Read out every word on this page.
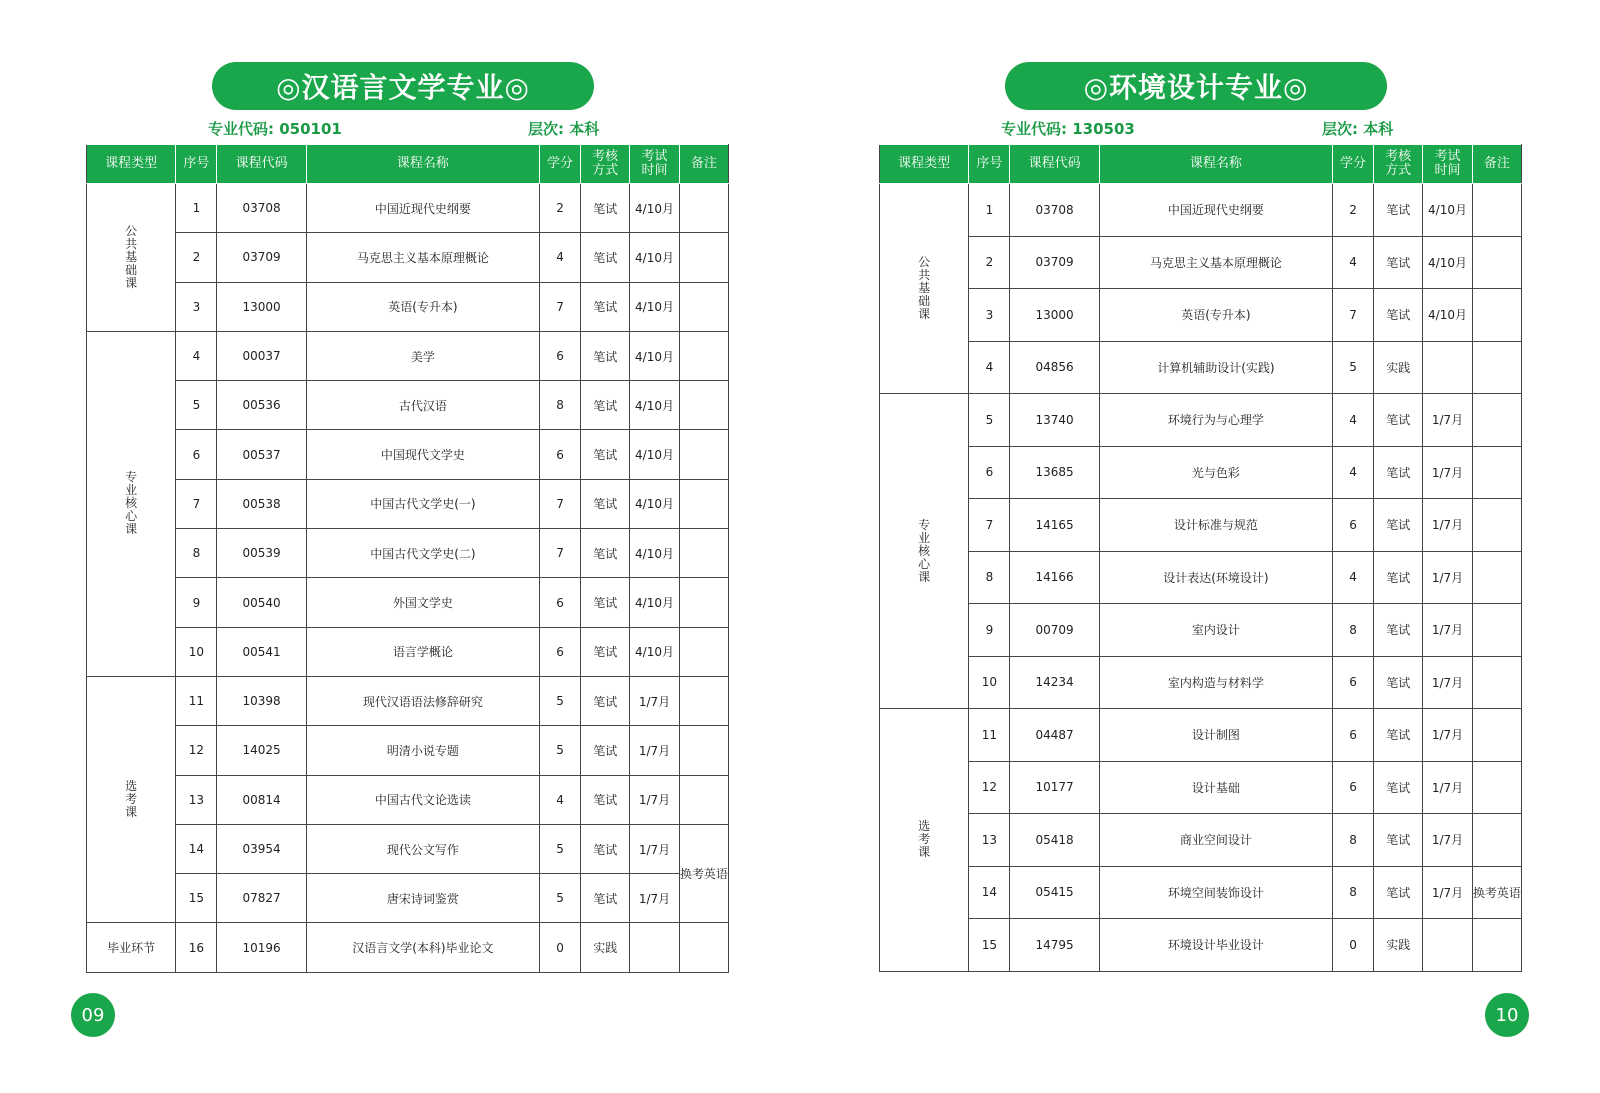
◎汉语言文学专业◎
专业代码: 050101	层次: 本科
课程类型	序号	课程代码	课程名称	学分	考核方式	考试时间	备注
公共基础课	1	03708	中国近现代史纲要	2	笔试	4/10月	
	2	03709	马克思主义基本原理概论	4	笔试	4/10月	
	3	13000	英语(专升本)	7	笔试	4/10月	
专业核心课	4	00037	美学	6	笔试	4/10月	
	5	00536	古代汉语	8	笔试	4/10月	
	6	00537	中国现代文学史	6	笔试	4/10月	
	7	00538	中国古代文学史(一)	7	笔试	4/10月	
	8	00539	中国古代文学史(二)	7	笔试	4/10月	
	9	00540	外国文学史	6	笔试	4/10月	
	10	00541	语言学概论	6	笔试	4/10月	
选考课	11	10398	现代汉语语法修辞研究	5	笔试	1/7月	
	12	14025	明清小说专题	5	笔试	1/7月	
	13	00814	中国古代文论选读	4	笔试	1/7月	
	14	03954	现代公文写作	5	笔试	1/7月	换考英语
	15	07827	唐宋诗词鉴赏	5	笔试	1/7月	
毕业环节	16	10196	汉语言文学(本科)毕业论文	0	实践		
09
◎环境设计专业◎
专业代码: 130503	层次: 本科
课程类型	序号	课程代码	课程名称	学分	考核方式	考试时间	备注
公共基础课	1	03708	中国近现代史纲要	2	笔试	4/10月	
	2	03709	马克思主义基本原理概论	4	笔试	4/10月	
	3	13000	英语(专升本)	7	笔试	4/10月	
	4	04856	计算机辅助设计(实践)	5	实践		
专业核心课	5	13740	环境行为与心理学	4	笔试	1/7月	
	6	13685	光与色彩	4	笔试	1/7月	
	7	14165	设计标准与规范	6	笔试	1/7月	
	8	14166	设计表达(环境设计)	4	笔试	1/7月	
	9	00709	室内设计	8	笔试	1/7月	
	10	14234	室内构造与材料学	6	笔试	1/7月	
选考课	11	04487	设计制图	6	笔试	1/7月	
	12	10177	设计基础	6	笔试	1/7月	
	13	05418	商业空间设计	8	笔试	1/7月	
	14	05415	环境空间装饰设计	8	笔试	1/7月	换考英语
	15	14795	环境设计毕业设计	0	实践		
10
